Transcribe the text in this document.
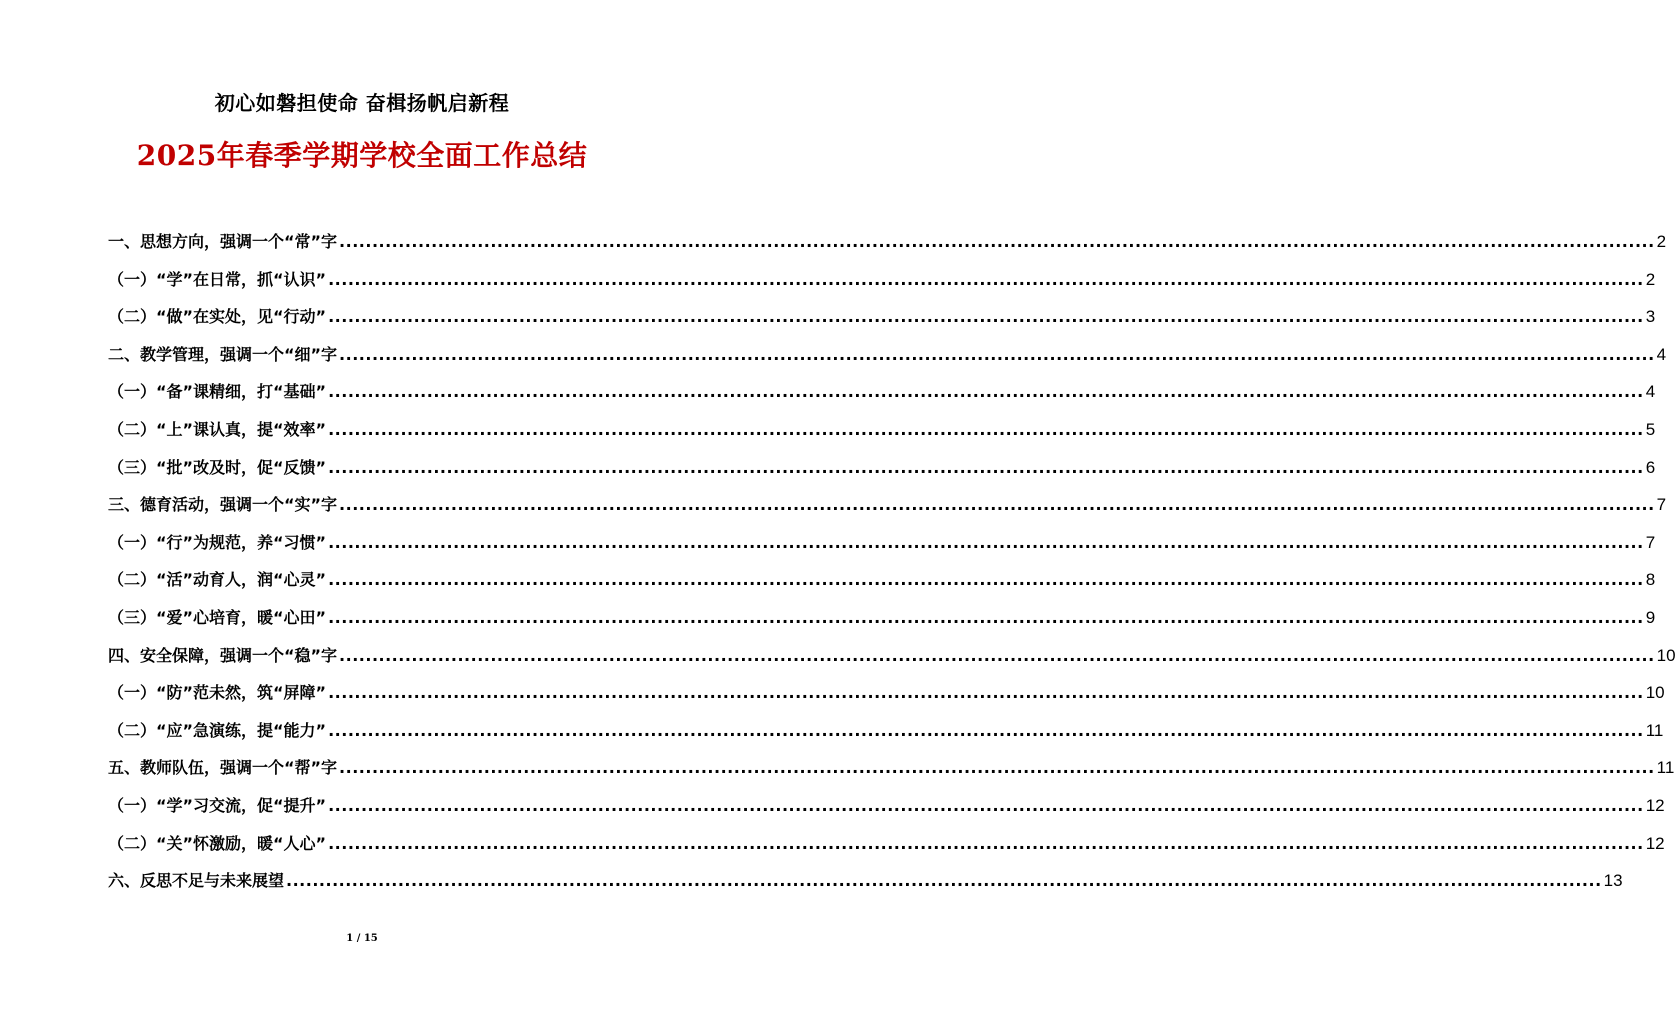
初心如磐担使命 奋楫扬帆启新程
2025年春季学期学校全面工作总结
一、思想方向，强调一个“常”字 ........................................................................................................................................................................................................ 2
（一）“学”在日常，抓“认识” ........................................................................................................................................................................................................ 2
（二）“做”在实处，见“行动” ........................................................................................................................................................................................................ 3
二、教学管理，强调一个“细”字 ........................................................................................................................................................................................................ 4
（一）“备”课精细，打“基础” ........................................................................................................................................................................................................ 4
（二）“上”课认真，提“效率” ........................................................................................................................................................................................................ 5
（三）“批”改及时，促“反馈” ........................................................................................................................................................................................................ 6
三、德育活动，强调一个“实”字 ........................................................................................................................................................................................................ 7
（一）“行”为规范，养“习惯” ........................................................................................................................................................................................................ 7
（二）“活”动育人，润“心灵” ........................................................................................................................................................................................................ 8
（三）“爱”心培育，暖“心田” ........................................................................................................................................................................................................ 9
四、安全保障，强调一个“稳”字 ........................................................................................................................................................................................................ 10
（一）“防”范未然，筑“屏障” ........................................................................................................................................................................................................ 10
（二）“应”急演练，提“能力” ........................................................................................................................................................................................................ 11
五、教师队伍，强调一个“帮”字 ........................................................................................................................................................................................................ 11
（一）“学”习交流，促“提升” ........................................................................................................................................................................................................ 12
（二）“关”怀激励，暖“人心” ........................................................................................................................................................................................................ 12
六、反思不足与未来展望 ........................................................................................................................................................................................................ 13
1 / 15
